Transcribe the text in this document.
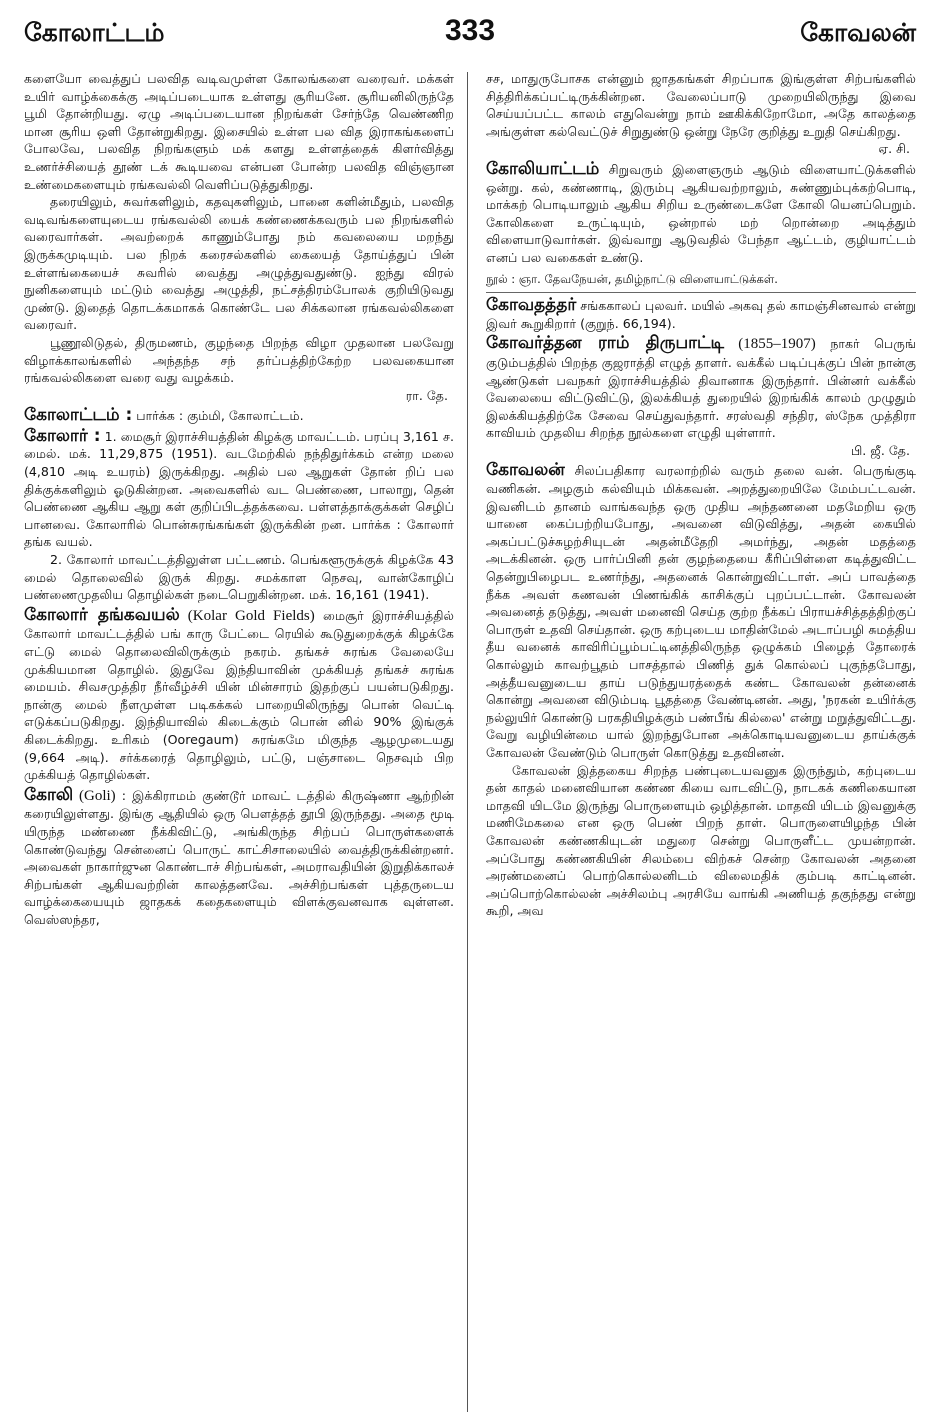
கோலாட்டம்	333	கோவலன்

களையோ வைத்துப் பலவித வடிவமுள்ள கோலங்களை வரைவர். மக்கள் உயிர் வாழ்க்கைக்கு அடிப்படையாக உள்ளது சூரியனே. சூரியனிலிருந்தே பூமி தோன்றியது. ஏழு அடிப்படையான நிறங்கள் சேர்ந்தே வெண்ணிற மான சூரிய ஒளி தோன்றுகிறது. இசையில் உள்ள பல வித இராகங்களைப் போலவே, பலவித நிறங்களும் மக் களது உள்ளத்தைக் கிளர்வித்து உணர்ச்சியைத் தூண் டக் கூடியவை என்பன போன்ற பலவித விஞ்ஞான உண்மைகளையும் ரங்கவல்லி வெளிப்படுத்துகிறது.

தரையிலும், சுவர்களிலும், கதவுகளிலும், பானை களின்மீதும், பலவித வடிவங்களையுடைய ரங்கவல்லி யைக் கண்ணைக்கவரும் பல நிறங்களில் வரைவார்கள். அவற்றைக் காணும்போது நம் கவலையை மறந்து இருக்கமுடியும். பல நிறக் கரைசல்களில் கையைத் தோய்த்துப் பின் உள்ளங்கையைச் சுவரில் வைத்து அழுத்துவதுண்டு. ஐந்து விரல் நுனிகளையும் மட்டும் வைத்து அழுத்தி, நட்சத்திரம்போலக் குறியிடுவது முண்டு. இதைத் தொடக்கமாகக் கொண்டே பல சிக்கலான ரங்கவல்லிகளை வரைவர்.

பூணூலிடுதல், திருமணம், குழந்தை பிறந்த விழா முதலான பலவேறு விழாக்காலங்களில் அந்தந்த சந் தர்ப்பத்திற்கேற்ற பலவகையான ரங்கவல்லிகளை வரை வது வழக்கம்.

ரா. தே.

கோலாட்டம் : பார்க்க : கும்மி, கோலாட்டம்.

கோலார் : 1. மைசூர் இராச்சியத்தின் கிழக்கு மாவட்டம். பரப்பு 3,161 ச. மைல். மக். 11,29,875 (1951). வடமேற்கில் நந்திதுர்க்கம் என்ற மலை (4,810 அடி உயரம்) இருக்கிறது. அதில் பல ஆறுகள் தோன் றிப் பல திக்குக்களிலும் ஓடுகின்றன. அவைகளில் வட பெண்ணை, பாலாறு, தென் பெண்ணை ஆகிய ஆறு கள் குறிப்பிடத்தக்கவை. பள்ளத்தாக்குக்கள் செழிப் பானவை. கோலாரில் பொன்சுரங்கங்கள் இருக்கின் றன. பார்க்க : கோலார் தங்க வயல்.

2. கோலார் மாவட்டத்திலுள்ள பட்டணம். பெங்களூருக்குக் கிழக்கே 43 மைல் தொலைவில் இருக் கிறது. சமக்காள நெசவு, வான்கோழிப் பண்ணைமுதலிய தொழில்கள் நடைபெறுகின்றன. மக். 16,161 (1941).

கோலார் தங்கவயல் (Kolar Gold Fields) மைசூர் இராச்சியத்தில் கோலார் மாவட்டத்தில் பங் காரு பேட்டை ரெயில் கூடுதுறைக்குக் கிழக்கே எட்டு மைல் தொலைவிலிருக்கும் நகரம். தங்கச் சுரங்க வேலையே முக்கியமான தொழில். இதுவே இந்தியாவின் முக்கியத் தங்கச் சுரங்க மையம். சிவசமுத்திர நீர்வீழ்ச்சி யின் மின்சாரம் இதற்குப் பயன்படுகிறது. நான்கு மைல் நீளமுள்ள படிகக்கல் பாறையிலிருந்து பொன் வெட்டி எடுக்கப்படுகிறது. இந்தியாவில் கிடைக்கும் பொன் னில் 90% இங்குக் கிடைக்கிறது. உரிகம் (Ooregaum) சுரங்கமே மிகுந்த ஆழமுடையது (9,664 அடி). சர்க்கரைத் தொழிலும், பட்டு, பஞ்சாடை நெசவும் பிற முக்கியத் தொழில்கள்.

கோலி (Goli) : இக்கிராமம் குண்டூர் மாவட் டத்தில் கிருஷ்ணா ஆற்றின் கரையிலுள்ளது. இங்கு ஆதியில் ஒரு பௌத்தத் தூபி இருந்தது. அதை மூடி யிருந்த மண்ணை நீக்கிவிட்டு, அங்கிருந்த சிற்பப் பொருள்களைக் கொண்டுவந்து சென்னைப் பொருட் காட்சிசாலையில் வைத்திருக்கின்றனர். அவைகள் நாகார்ஜுன கொண்டாச் சிற்பங்கள், அமராவதியின் இறுதிக்காலச் சிற்பங்கள் ஆகியவற்றின் காலத்தனவே. அச்சிற்பங்கள் புத்தருடைய வாழ்க்கையையும் ஜாதகக் கதைகளையும் விளக்குவனவாக வுள்ளன. வெஸ்ஸந்தர,

சச, மாதுருபோசக என்னும் ஜாதகங்கள் சிறப்பாக இங்குள்ள சிற்பங்களில் சித்திரிக்கப்பட்டிருக்கின்றன. வேலைப்பாடு முறையிலிருந்து இவை செய்யப்பட்ட காலம் எதுவென்று நாம் ஊகிக்கிறோமோ, அதே காலத்தை அங்குள்ள கல்வெட்டுச் சிறுதுண்டு ஒன்று நேரே குறித்து உறுதி செய்கிறது.

ஏ. சி.

கோலியாட்டம் சிறுவரும் இளைஞரும் ஆடும் விளையாட்டுக்களில் ஒன்று. கல், கண்ணாடி, இரும்பு ஆகியவற்றாலும், சுண்ணும்புக்கற்பொடி, மாக்கற் பொடியாலும் ஆகிய சிறிய உருண்டைகளே கோலி யெனப்பெறும். கோலிகளை உருட்டியும், ஒன்றால் மற் றொன்றை அடித்தும் விளையாடுவார்கள். இவ்வாறு ஆடுவதில் பேந்தா ஆட்டம், குழியாட்டம் எனப் பல வகைகள் உண்டு.

நூல் : ஞா. தேவநேயன், தமிழ்நாட்டு விளையாட்டுக்கள்.

கோவதத்தர் சங்ககாலப் புலவர். மயில் அகவு தல் காமஞ்சினவால் என்று இவர் கூறுகிறார் (குறுந். 66,194).

கோவர்த்தன ராம் திருபாட்டி (1855–1907) நாகர் பெருங் குடும்பத்தில் பிறந்த குஜராத்தி எழுத் தாளர். வக்கீல் படிப்புக்குப் பின் நான்கு ஆண்டுகள் பவநகர் இராச்சியத்தில் திவானாக இருந்தார். பின்னர் வக்கீல் வேலையை விட்டுவிட்டு, இலக்கியத் துறையில் இறங்கிக் காலம் முழுதும் இலக்கியத்திற்கே சேவை செய்துவந்தார். சரஸ்வதி சந்திர, ஸ்நேக முத்திரா காவியம் முதலிய சிறந்த நூல்களை எழுதி யுள்ளார்.

பி. ஜீ. தே.

கோவலன் சிலப்பதிகார வரலாற்றில் வரும் தலை வன். பெருங்குடி வணிகன். அழகும் கல்வியும் மிக்கவன். அறத்துறையிலே மேம்பட்டவன். இவனிடம் தானம் வாங்கவந்த ஒரு முதிய அந்தணனை மதமேறிய ஒரு யானை கைப்பற்றியபோது, அவனை விடுவித்து, அதன் கையில் அகப்பட்டுச்சுழற்சியுடன் அதன்மீதேறி அமர்ந்து, அதன் மதத்தை அடக்கினன். ஒரு பார்ப்பினி தன் குழந்தையை கீரிப்பிள்ளை கடித்துவிட்ட தென்றுபிழைபட உணர்ந்து, அதனைக் கொன்றுவிட்டாள். அப் பாவத்தை நீக்க அவள் கணவன் பிணங்கிக் காசிக்குப் புறப்பட்டான். கோவலன் அவனைத் தடுத்து, அவள் மனைவி செய்த குற்ற நீக்கப் பிராயச்சித்தத்திற்குப் பொருள் உதவி செய்தான். ஒரு கற்புடைய மாதின்மேல் அடாப்பழி சுமத்திய தீய வனைக் காவிரிப்பூம்பட்டினத்திலிருந்த ஒழுக்கம் பிழைத் தோரைக் கொல்லும் காவற்பூதம் பாசத்தால் பிணித் துக் கொல்லப் புகுந்தபோது, அத்தீயவனுடைய தாய் படுந்துயரத்தைக் கண்ட கோவலன் தன்னைக் கொன்று அவனை விடும்படி பூதத்தை வேண்டினன். அது, 'நரகன் உயிர்க்கு நல்லுயிர் கொண்டு பரகதியிழக்கும் பண்பீங் கில்லை' என்று மறுத்துவிட்டது. வேறு வழியின்மை யால் இறந்துபோன அக்கொடியவனுடைய தாய்க்குக் கோவலன் வேண்டும் பொருள் கொடுத்து உதவினன்.

கோவலன் இத்தகைய சிறந்த பண்புடையவனுக இருந்தும், கற்புடைய தன் காதல் மனைவியான கண்ண கியை வாடவிட்டு, நாடகக் கணிகையான மாதவி யிடமே இருந்து பொருளையும் ஒழித்தான். மாதவி யிடம் இவனுக்கு மணிமேகலை என ஒரு பெண் பிறந் தாள். பொருளையிழந்த பின் கோவலன் கண்ணகியுடன் மதுரை சென்று பொருளீட்ட முயன்றான். அப்போது கண்ணகியின் சிலம்பை விற்கச் சென்ற கோவலன் அதனை அரண்மனைப் பொற்கொல்லனிடம் விலைமதிக் கும்படி காட்டினன். அப்பொற்கொல்லன் அச்சிலம்பு அரசியே வாங்கி அணியத் தகுந்தது என்று கூறி, அவ
